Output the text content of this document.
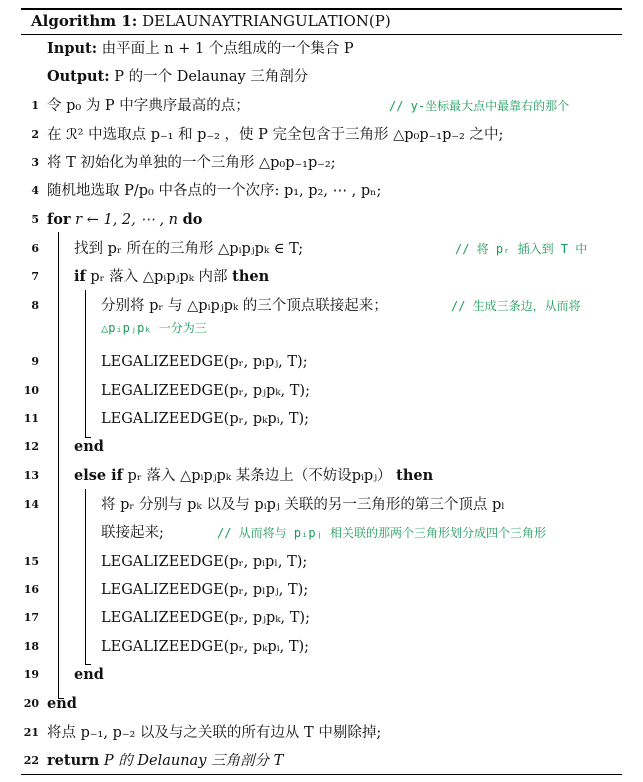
Algorithm 1: DELAUNAYTRIANGULATION(P)
Input: 由平面上 n + 1 个点组成的一个集合 P
Output: P 的一个 Delaunay 三角剖分
1 令 p₀ 为 P 中字典序最高的点；	// y-坐标最大点中最靠右的那个
2 在 ℛ² 中选取点 p₋₁ 和 p₋₂ ，使 P 完全包含于三角形 △p₀p₋₁p₋₂ 之中;
3 将 T 初始化为单独的一个三角形 △p₀p₋₁p₋₂;
4 随机地选取 P/p₀ 中各点的一个次序: p₁, p₂, ⋯ , pₙ;
5 for r ← 1, 2, ⋯ , n do
6 找到 pᵣ 所在的三角形 △pᵢpⱼpₖ ∈ T;	// 将 pᵣ 插入到 T 中
7 if pᵣ 落入 △pᵢpⱼpₖ 内部 then
8	分别将 pᵣ 与 △pᵢpⱼpₖ 的三个顶点联接起来；	// 生成三条边，从而将
△pᵢpⱼpₖ 一分为三
9	LEGALIZEEDGE(pᵣ, pᵢpⱼ, T);
10	LEGALIZEEDGE(pᵣ, pⱼpₖ, T);
11	LEGALIZEEDGE(pᵣ, pₖpᵢ, T);
12 end
13 else if pᵣ 落入 △pᵢpⱼpₖ 某条边上（不妨设pᵢpⱼ） then
14	将 pᵣ 分别与 pₖ 以及与 pᵢpⱼ 关联的另一三角形的第三个顶点 pₗ
联接起来;	// 从而将与 pᵢpⱼ 相关联的那两个三角形划分成四个三角形
15	LEGALIZEEDGE(pᵣ, pᵢpₗ, T);
16	LEGALIZEEDGE(pᵣ, pₗpⱼ, T);
17	LEGALIZEEDGE(pᵣ, pⱼpₖ, T);
18	LEGALIZEEDGE(pᵣ, pₖpᵢ, T);
19 end
20 end
21 将点 p₋₁, p₋₂ 以及与之关联的所有边从 T 中剔除掉;
22 return P 的 Delaunay 三角剖分 T
